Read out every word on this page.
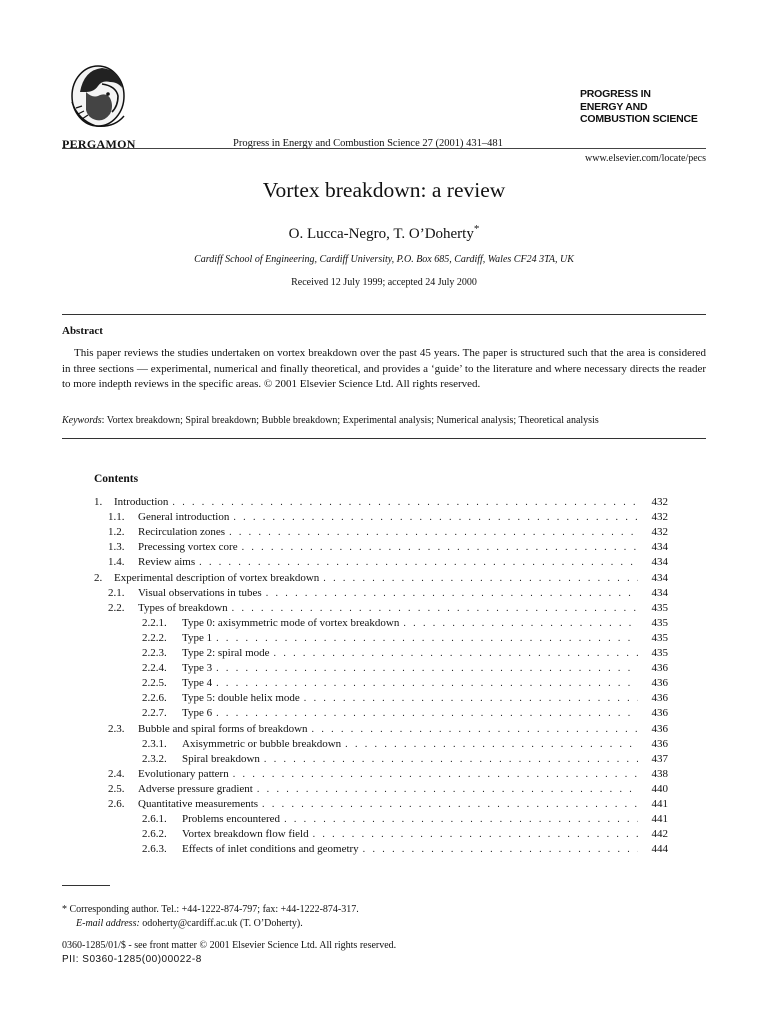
PERGAMON	Progress in Energy and Combustion Science 27 (2001) 431–481
PROGRESS IN
ENERGY AND
COMBUSTION SCIENCE
www.elsevier.com/locate/pecs
Vortex breakdown: a review
O. Lucca-Negro, T. O’Doherty*
Cardiff School of Engineering, Cardiff University, P.O. Box 685, Cardiff, Wales CF24 3TA, UK
Received 12 July 1999; accepted 24 July 2000
Abstract
This paper reviews the studies undertaken on vortex breakdown over the past 45 years. The paper is structured such that the area is considered in three sections — experimental, numerical and finally theoretical, and provides a ‘guide’ to the literature and where necessary directs the reader to more indepth reviews in the specific areas. © 2001 Elsevier Science Ltd. All rights reserved.
Keywords: Vortex breakdown; Spiral breakdown; Bubble breakdown; Experimental analysis; Numerical analysis; Theoretical analysis
Contents
1.	Introduction . . .	432
1.1.	General introduction . . .	432
1.2.	Recirculation zones . . .	432
1.3.	Precessing vortex core . . .	434
1.4.	Review aims . . .	434
2.	Experimental description of vortex breakdown . . .	434
2.1.	Visual observations in tubes . . .	434
2.2.	Types of breakdown . . .	435
2.2.1.	Type 0: axisymmetric mode of vortex breakdown . . .	435
2.2.2.	Type 1 . . .	435
2.2.3.	Type 2: spiral mode . . .	435
2.2.4.	Type 3 . . .	436
2.2.5.	Type 4 . . .	436
2.2.6.	Type 5: double helix mode . . .	436
2.2.7.	Type 6 . . .	436
2.3.	Bubble and spiral forms of breakdown . . .	436
2.3.1.	Axisymmetric or bubble breakdown . . .	436
2.3.2.	Spiral breakdown . . .	437
2.4.	Evolutionary pattern . . .	438
2.5.	Adverse pressure gradient . . .	440
2.6.	Quantitative measurements . . .	441
2.6.1.	Problems encountered . . .	441
2.6.2.	Vortex breakdown flow field . . .	442
2.6.3.	Effects of inlet conditions and geometry . . .	444
* Corresponding author. Tel.: +44-1222-874-797; fax: +44-1222-874-317.
E-mail address: odoherty@cardiff.ac.uk (T. O’Doherty).
0360-1285/01/$ - see front matter © 2001 Elsevier Science Ltd. All rights reserved.
PII: S0360-1285(00)00022-8
